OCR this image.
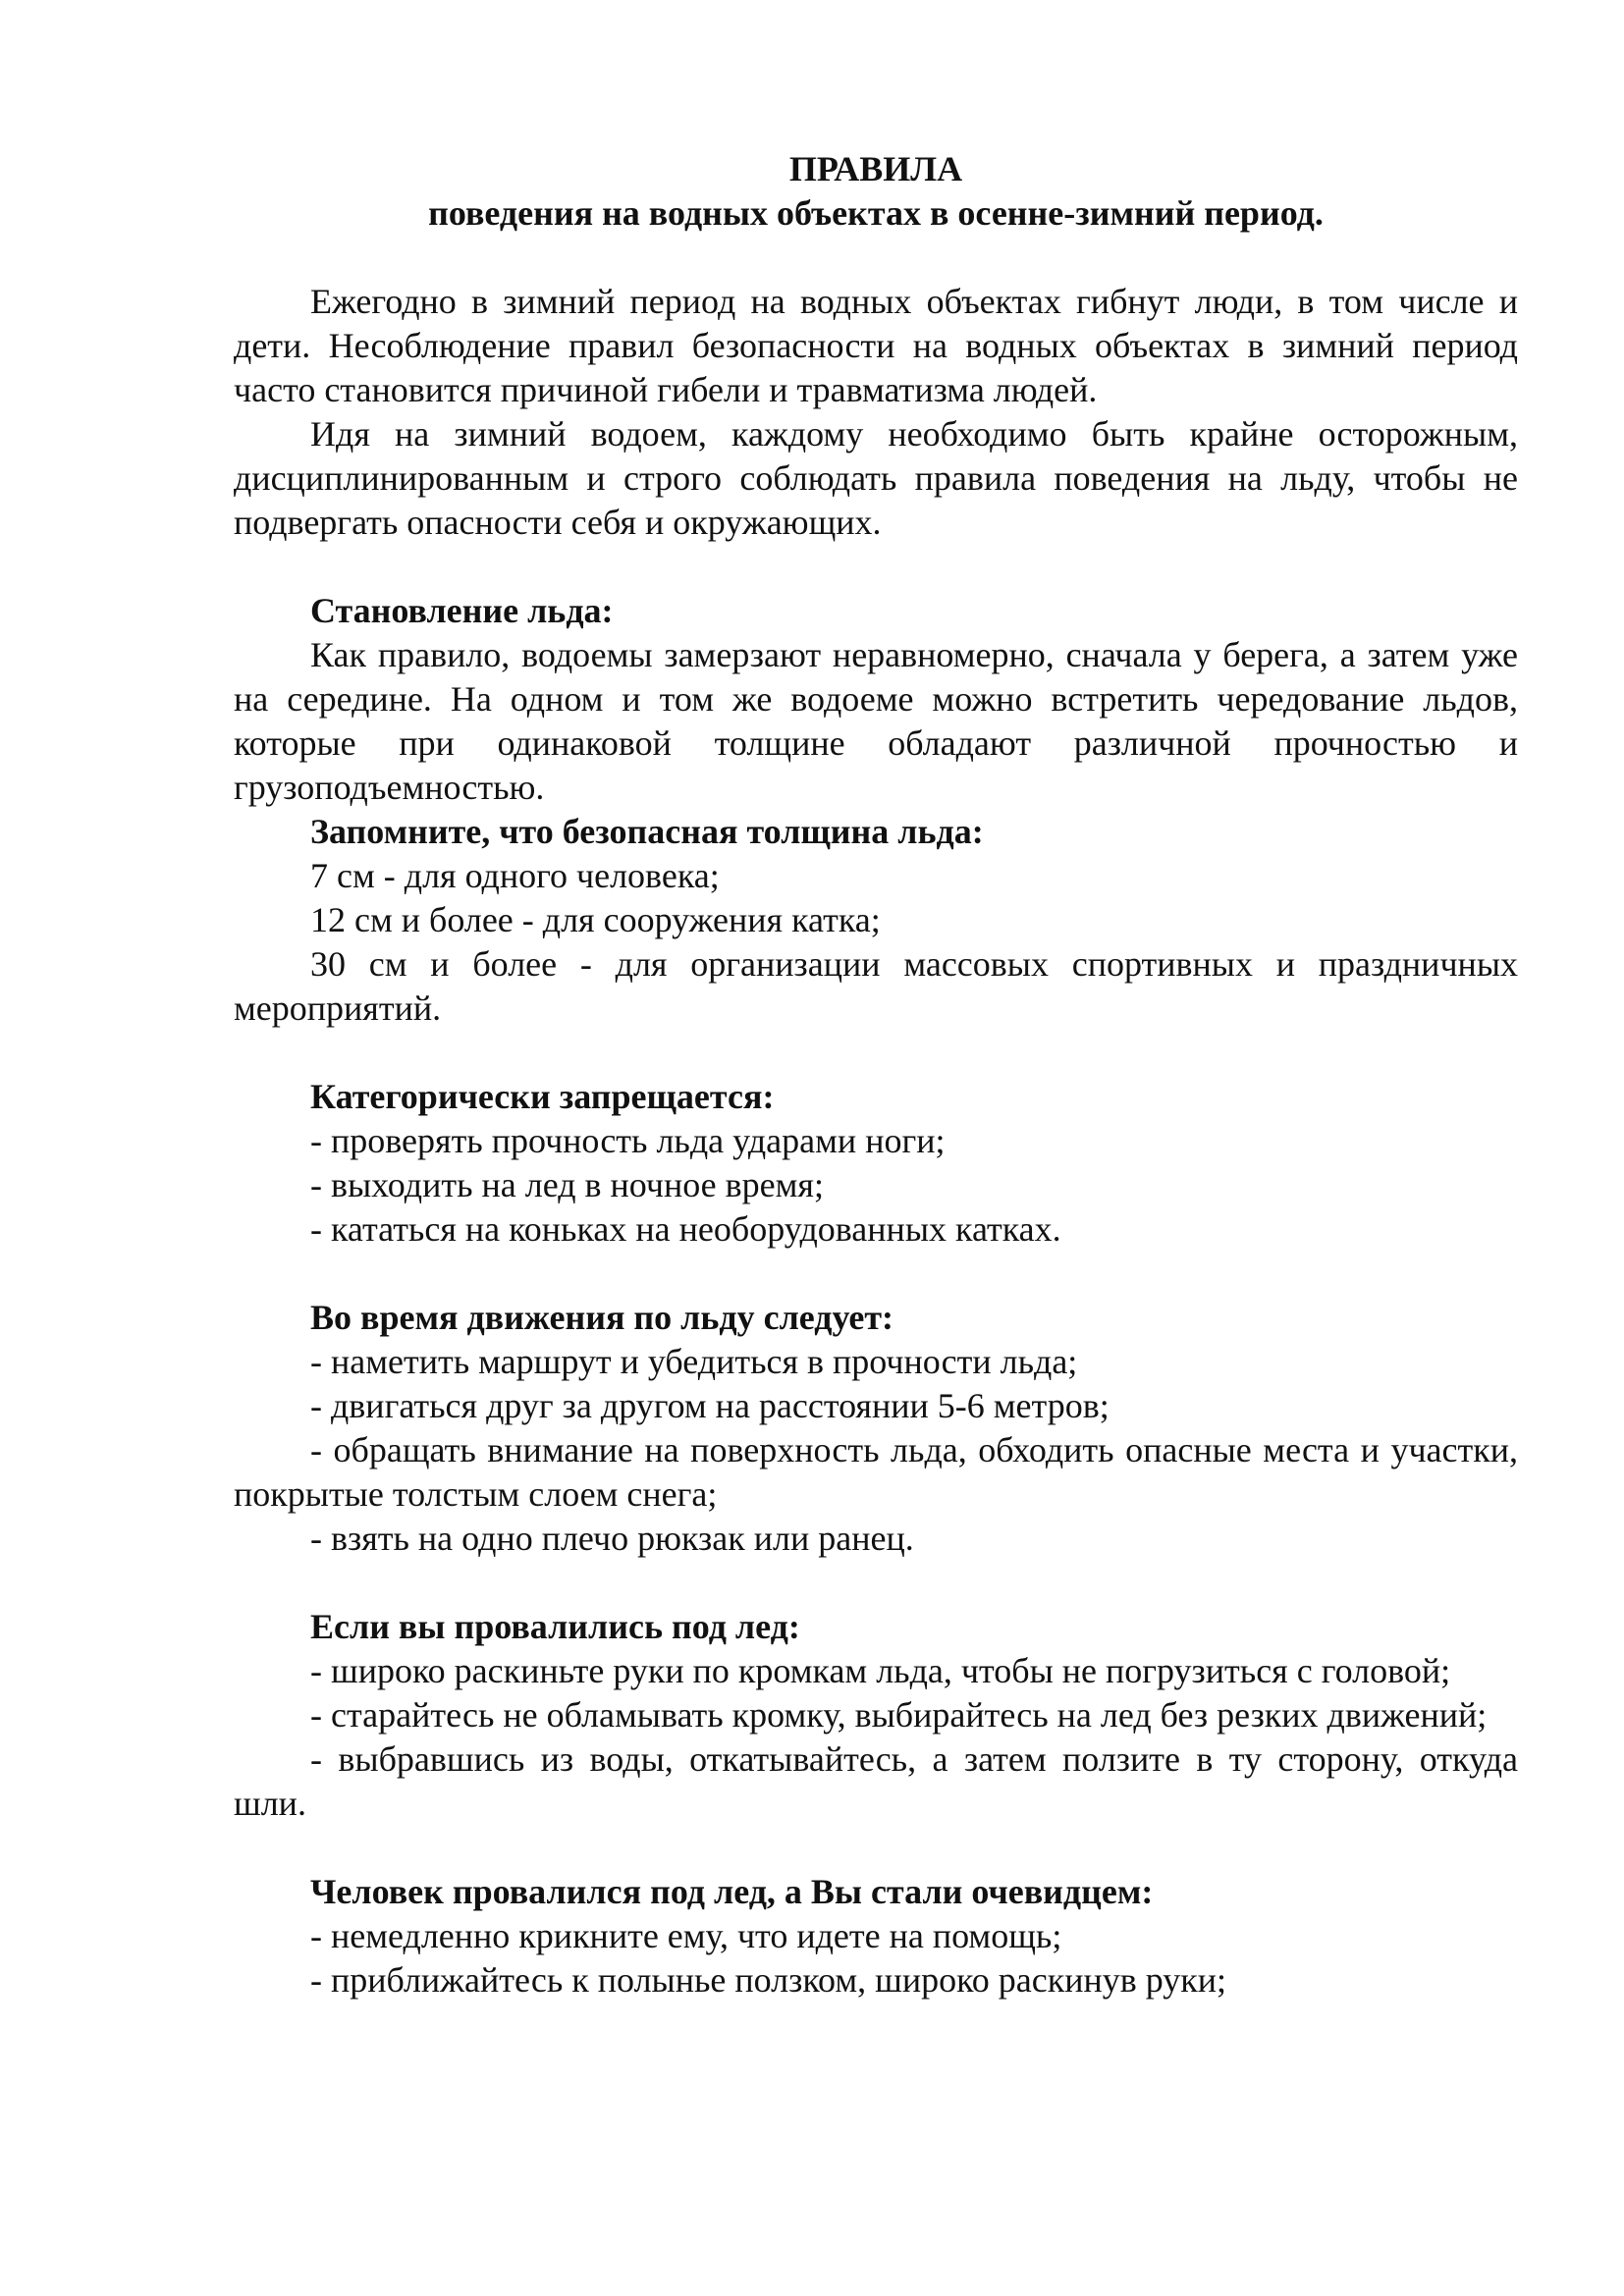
ПРАВИЛА

поведения на водных объектах в осенне-зимний период.

Ежегодно в зимний период на водных объектах гибнут люди, в том числе и дети. Несоблюдение правил безопасности на водных объектах в зимний период часто становится причиной гибели и травматизма людей.

Идя на зимний водоем, каждому необходимо быть крайне осторожным, дисциплинированным и строго соблюдать правила поведения на льду, чтобы не подвергать опасности себя и окружающих.

Становление льда:

Как правило, водоемы замерзают неравномерно, сначала у берега, а затем уже на середине. На одном и том же водоеме можно встретить чередование льдов, которые при одинаковой толщине обладают различной прочностью и грузоподъемностью.

Запомните, что безопасная толщина льда:

7 см - для одного человека;

12 см и более - для сооружения катка;

30 см и более - для организации массовых спортивных и праздничных мероприятий.

Категорически запрещается:

- проверять прочность льда ударами ноги;

- выходить на лед в ночное время;

- кататься на коньках на необорудованных катках.

Во время движения по льду следует:

- наметить маршрут и убедиться в прочности льда;

- двигаться друг за другом на расстоянии 5-6 метров;

- обращать внимание на поверхность льда, обходить опасные места и участки, покрытые толстым слоем снега;

- взять на одно плечо рюкзак или ранец.

Если вы провалились под лед:

- широко раскиньте руки по кромкам льда, чтобы не погрузиться с головой;

- старайтесь не обламывать кромку, выбирайтесь на лед без резких движений;

- выбравшись из воды, откатывайтесь, а затем ползите в ту сторону, откуда шли.

Человек провалился под лед, а Вы стали очевидцем:

- немедленно крикните ему, что идете на помощь;

- приближайтесь к полынье ползком, широко раскинув руки;
